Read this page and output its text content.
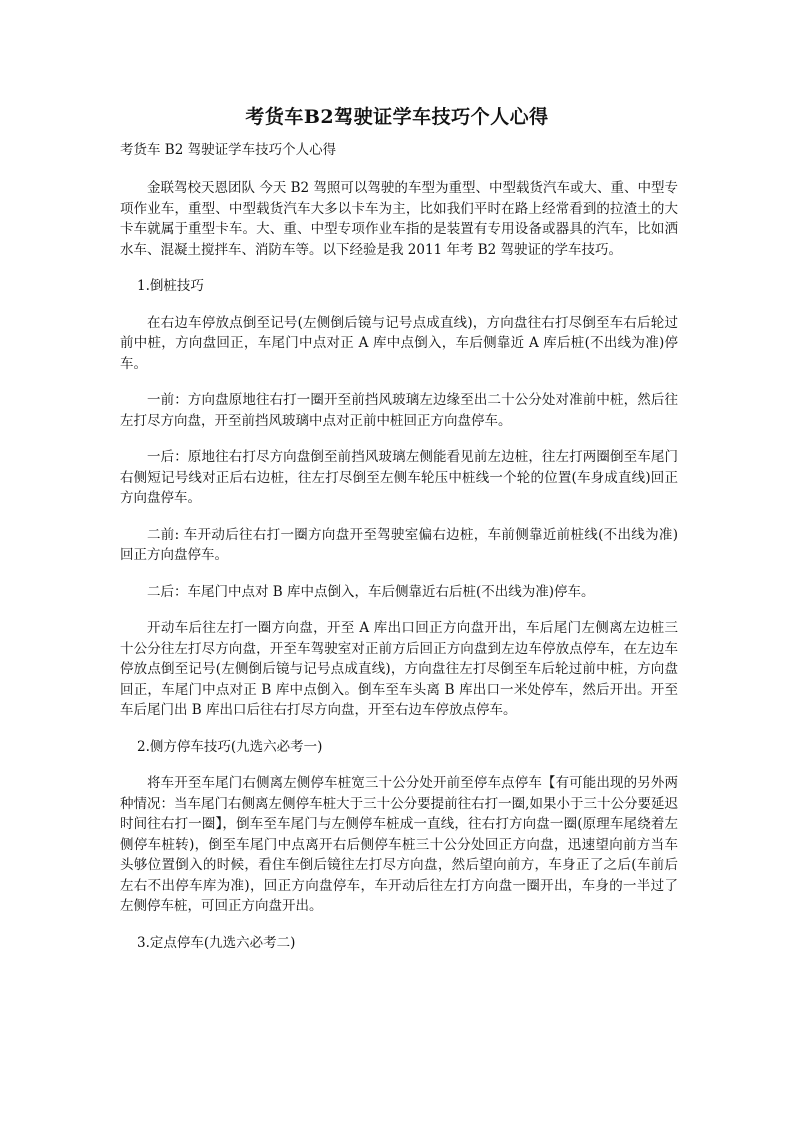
考货车B2驾驶证学车技巧个人心得
考货车 B2 驾驶证学车技巧个人心得

金联驾校天恩团队 今天 B2 驾照可以驾驶的车型为重型、中型载货汽车或大、重、中型专项作业车，重型、中型载货汽车大多以卡车为主，比如我们平时在路上经常看到的拉渣土的大卡车就属于重型卡车。大、重、中型专项作业车指的是装置有专用设备或器具的汽车，比如洒水车、混凝土搅拌车、消防车等。以下经验是我 2011 年考 B2 驾驶证的学车技巧。

1.倒桩技巧

在右边车停放点倒至记号(左侧倒后镜与记号点成直线)，方向盘往右打尽倒至车右后轮过前中桩，方向盘回正，车尾门中点对正 A 库中点倒入，车后侧靠近 A 库后桩(不出线为准)停车。

一前：方向盘原地往右打一圈开至前挡风玻璃左边缘至出二十公分处对准前中桩，然后往左打尽方向盘，开至前挡风玻璃中点对正前中桩回正方向盘停车。

一后：原地往右打尽方向盘倒至前挡风玻璃左侧能看见前左边桩，往左打两圈倒至车尾门右侧短记号线对正后右边桩，往左打尽倒至左侧车轮压中桩线一个轮的位置(车身成直线)回正方向盘停车。

二前: 车开动后往右打一圈方向盘开至驾驶室偏右边桩，车前侧靠近前桩线(不出线为准)回正方向盘停车。

二后：车尾门中点对 B 库中点倒入，车后侧靠近右后桩(不出线为准)停车。

开动车后往左打一圈方向盘，开至 A 库出口回正方向盘开出，车后尾门左侧离左边桩三十公分往左打尽方向盘，开至车驾驶室对正前方后回正方向盘到左边车停放点停车，在左边车停放点倒至记号(左侧倒后镜与记号点成直线)，方向盘往左打尽倒至车后轮过前中桩，方向盘回正，车尾门中点对正 B 库中点倒入。倒车至车头离 B 库出口一米处停车，然后开出。开至车后尾门出 B 库出口后往右打尽方向盘，开至右边车停放点停车。

2.侧方停车技巧(九选六必考一)

将车开至车尾门右侧离左侧停车桩宽三十公分处开前至停车点停车【有可能出现的另外两种情况：当车尾门右侧离左侧停车桩大于三十公分要提前往右打一圈,如果小于三十公分要延迟时间往右打一圈】，倒车至车尾门与左侧停车桩成一直线，往右打方向盘一圈(原理车尾绕着左侧停车桩转)，倒至车尾门中点离开右后侧停车桩三十公分处回正方向盘，迅速望向前方当车头够位置倒入的时候，看住车倒后镜往左打尽方向盘，然后望向前方，车身正了之后(车前后左右不出停车库为准)，回正方向盘停车，车开动后往左打方向盘一圈开出，车身的一半过了左侧停车桩，可回正方向盘开出。

3.定点停车(九选六必考二)
